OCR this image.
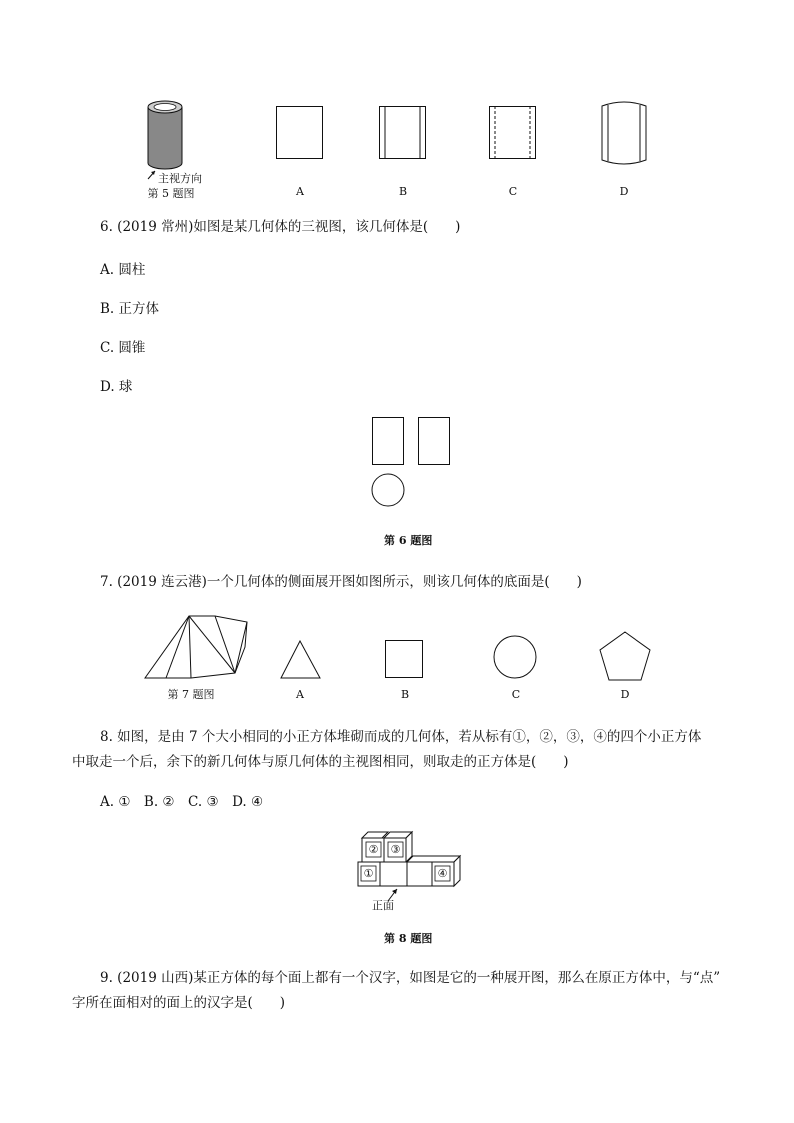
主视方向
第 5 题图	A	B	C	D
6. (2019 常州)如图是某几何体的三视图，该几何体是(　　)
A. 圆柱
B. 正方体
C. 圆锥
D. 球
第 6 题图
7. (2019 连云港)一个几何体的侧面展开图如图所示，则该几何体的底面是(　　)
第 7 题图	A	B	C	D
8. 如图，是由 7 个大小相同的小正方体堆砌而成的几何体，若从标有①，②，③，④的四个小正方体
中取走一个后，余下的新几何体与原几何体的主视图相同，则取走的正方体是(　　)
A. ①　B. ②　C. ③　D. ④
② ③
①	④
正面
第 8 题图
9. (2019 山西)某正方体的每个面上都有一个汉字，如图是它的一种展开图，那么在原正方体中，与“点”
字所在面相对的面上的汉字是(　　)
